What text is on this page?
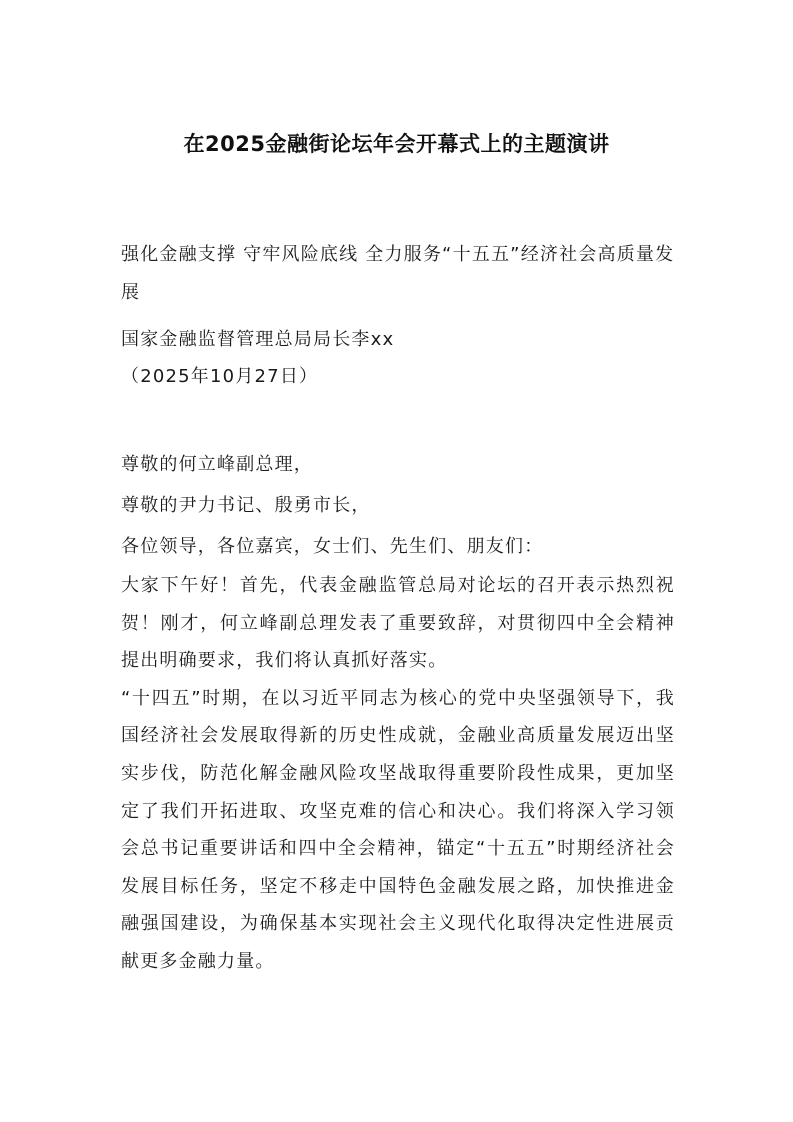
在2025金融街论坛年会开幕式上的主题演讲
强化金融支撑 守牢风险底线 全力服务“十五五”经济社会高质量发展
国家金融监督管理总局局长李xx
（2025年10月27日）
尊敬的何立峰副总理，
尊敬的尹力书记、殷勇市长，
各位领导，各位嘉宾，女士们、先生们、朋友们：

大家下午好！首先，代表金融监管总局对论坛的召开表示热烈祝贺！刚才，何立峰副总理发表了重要致辞，对贯彻四中全会精神提出明确要求，我们将认真抓好落实。

“十四五”时期，在以习近平同志为核心的党中央坚强领导下，我国经济社会发展取得新的历史性成就，金融业高质量发展迈出坚实步伐，防范化解金融风险攻坚战取得重要阶段性成果，更加坚定了我们开拓进取、攻坚克难的信心和决心。我们将深入学习领会总书记重要讲话和四中全会精神，锚定“十五五”时期经济社会发展目标任务，坚定不移走中国特色金融发展之路，加快推进金融强国建设，为确保基本实现社会主义现代化取得决定性进展贡献更多金融力量。
